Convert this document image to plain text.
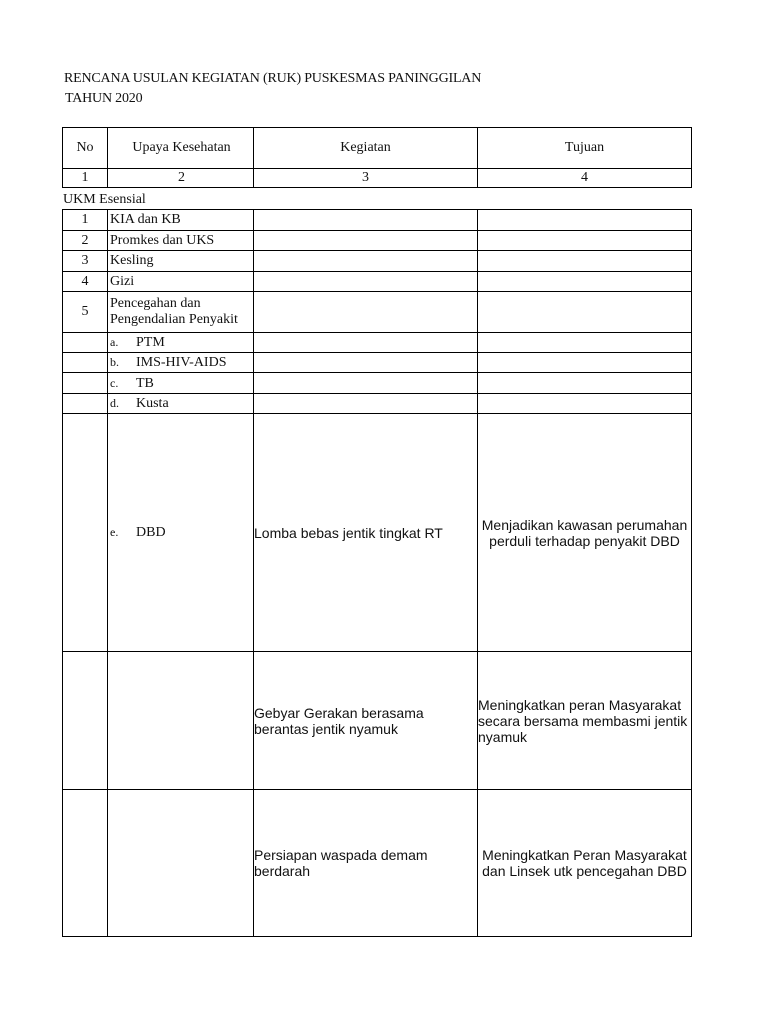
RENCANA USULAN KEGIATAN (RUK) PUSKESMAS PANINGGILAN
TAHUN 2020
No	Upaya Kesehatan	Kegiatan	Tujuan
1	2	3	4
UKM Esensial
1	KIA dan KB		
2	Promkes dan UKS		
3	Kesling		
4	Gizi		
5	Pencegahan dan
Pengendalian Penyakit		

	a. PTM		
	b. IMS-HIV-AIDS		
	c. TB		
	d. Kusta		
	e. DBD	Lomba bebas jentik tingkat RT	Menjadikan kawasan perumahan perduli terhadap penyakit DBD
		Gebyar Gerakan berasama berantas jentik nyamuk	Meningkatkan peran Masyarakat secara bersama membasmi jentik nyamuk
		Persiapan waspada demam berdarah	Meningkatkan Peran Masyarakat dan Linsek utk pencegahan DBD
